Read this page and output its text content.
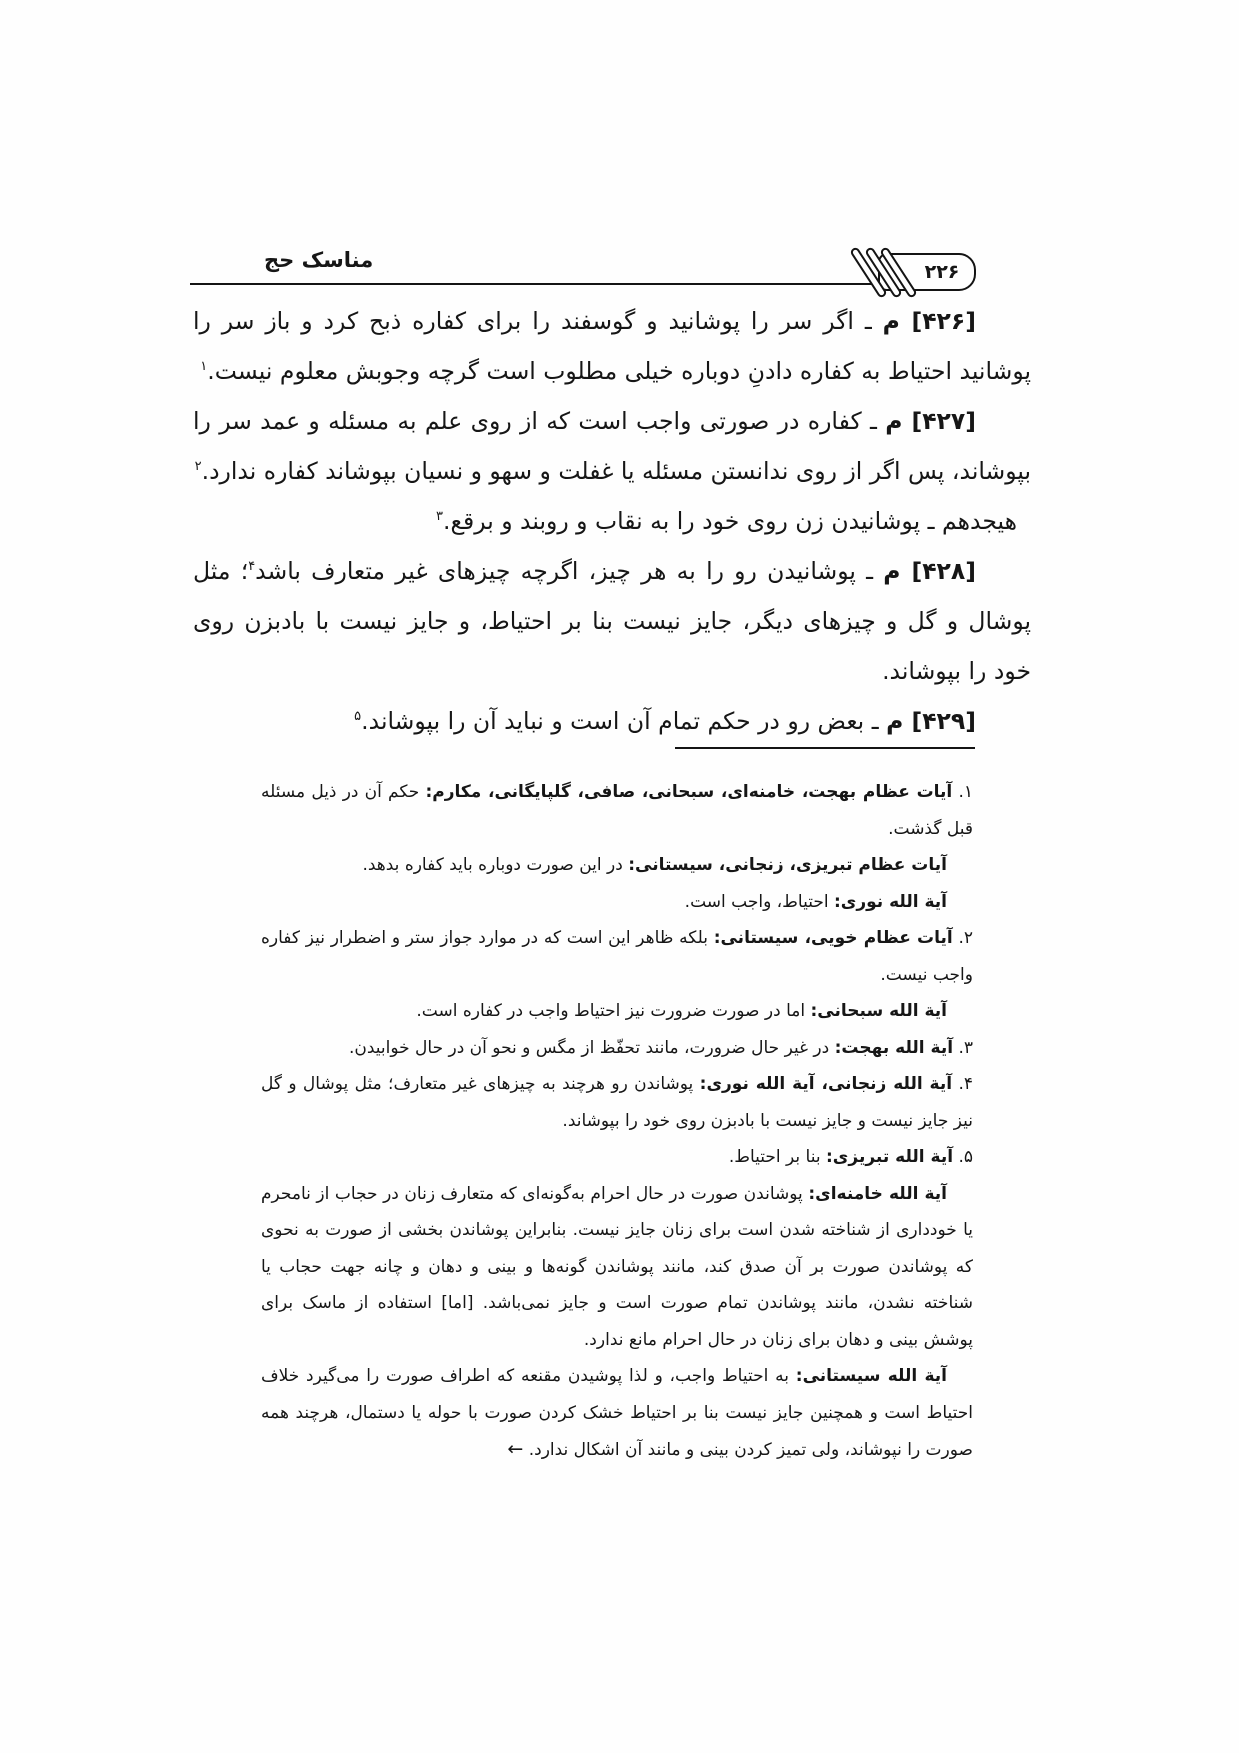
مناسک حج	۲۲۶

[۴۲۶] م ـ اگر سر را پوشانید و گوسفند را برای کفاره ذبح کرد و باز سر را پوشانید احتیاط به کفاره دادنِ دوباره خیلی مطلوب است گرچه وجوبش معلوم نیست.$^۱$

[۴۲۷] م ـ کفاره در صورتی واجب است که از روی علم به مسئله و عمد سر را بپوشاند، پس اگر از روی ندانستن مسئله یا غفلت و سهو و نسیان بپوشاند کفاره ندارد.$^۲$

هیجدهم ـ پوشانیدن زن روی خود را به نقاب و روبند و برقع.$^۳$

[۴۲۸] م ـ پوشانیدن رو را به هر چیز، اگرچه چیزهای غیر متعارف باشد$^۴$؛ مثل پوشال و گل و چیزهای دیگر، جایز نیست بنا بر احتیاط، و جایز نیست با بادبزن روی خود را بپوشاند.

[۴۲۹] م ـ بعض رو در حکم تمام آن است و نباید آن را بپوشاند.$^۵$

۱. آیات عظام بهجت، خامنه‌ای، سبحانی، صافی، گلپایگانی، مکارم: حکم آن در ذیل مسئله قبل گذشت.

آیات عظام تبریزی، زنجانی، سیستانی: در این صورت دوباره باید کفاره بدهد.

آیة الله نوری: احتیاط، واجب است.

۲. آیات عظام خویی، سیستانی: بلکه ظاهر این است که در موارد جواز ستر و اضطرار نیز کفاره واجب نیست.

آیة الله سبحانی: اما در صورت ضرورت نیز احتیاط واجب در کفاره است.

۳. آیة الله بهجت: در غیر حال ضرورت، مانند تحفّظ از مگس و نحو آن در حال خوابیدن.

۴. آیة الله زنجانی، آیة الله نوری: پوشاندن رو هرچند به چیزهای غیر متعارف؛ مثل پوشال و گل نیز جایز نیست و جایز نیست با بادبزن روی خود را بپوشاند.

۵. آیة الله تبریزی: بنا بر احتیاط.

آیة الله خامنه‌ای: پوشاندن صورت در حال احرام به‌گونه‌ای که متعارف زنان در حجاب از نامحرم یا خودداری از شناخته شدن است برای زنان جایز نیست. بنابراین پوشاندن بخشی از صورت به نحوی که پوشاندن صورت بر آن صدق کند، مانند پوشاندن گونه‌ها و بینی و دهان و چانه جهت حجاب یا شناخته نشدن، مانند پوشاندن تمام صورت است و جایز نمی‌باشد. [اما] استفاده از ماسک برای پوشش بینی و دهان برای زنان در حال احرام مانع ندارد.

آیة الله سیستانی: به احتیاط واجب، و لذا پوشیدن مقنعه که اطراف صورت را می‌گیرد خلاف احتیاط است و همچنین جایز نیست بنا بر احتیاط خشک کردن صورت با حوله یا دستمال، هرچند همه صورت را نپوشاند، ولی تمیز کردن بینی و مانند آن اشکال ندارد. ←
